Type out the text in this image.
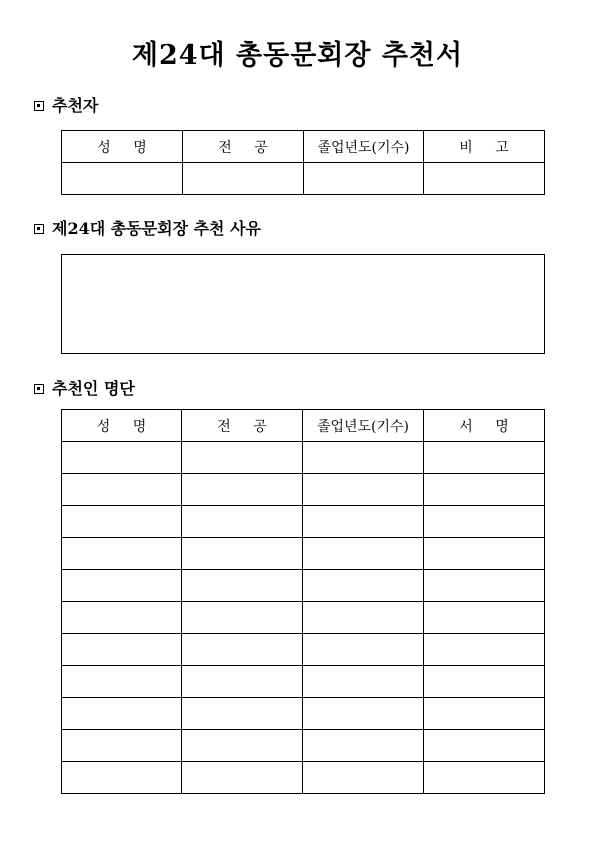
제24대 총동문회장 추천서
추천자
성 명	전 공	졸업년도(기수)	비 고

제24대 총동문회장 추천 사유
추천인 명단
성 명	전 공	졸업년도(기수)	서 명
